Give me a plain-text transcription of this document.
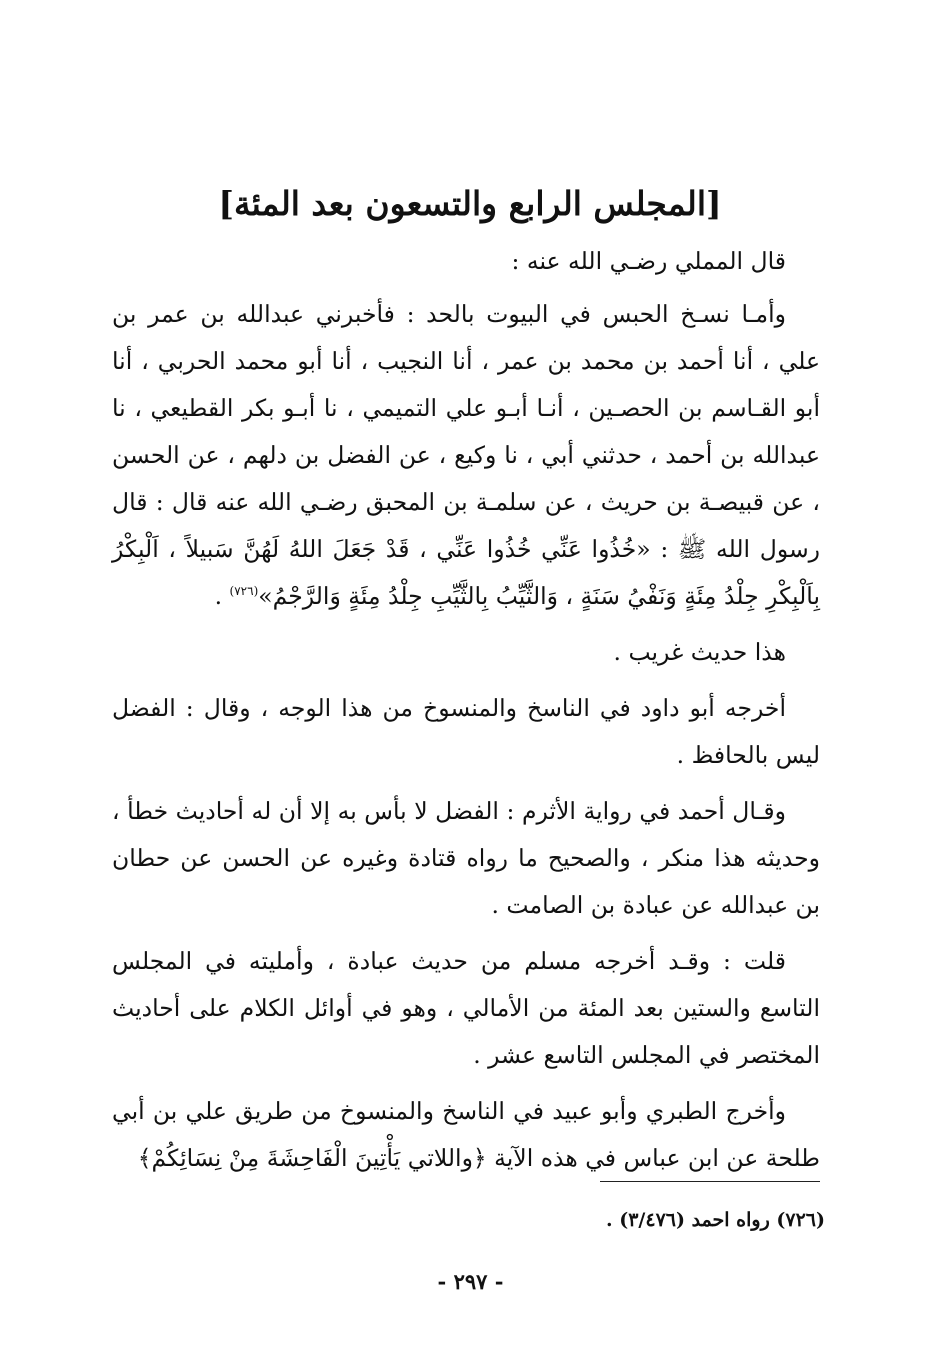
[المجلس الرابع والتسعون بعد المئة]

قال المملي رضـي الله عنه :

وأمـا نسـخ الحبس في البيوت بالحد : فأخبرني عبدالله بن عمر بن علي ، أنا أحمد بن محمد بن عمر ، أنا النجيب ، أنا أبو محمد الحربي ، أنا أبو القـاسم بن الحصـين ، أنـا أبـو علي التميمي ، نا أبـو بكر القطيعي ، نا عبدالله بن أحمد ، حدثني أبي ، نا وكيع ، عن الفضل بن دلهم ، عن الحسن ، عن قبيصـة بن حريث ، عن سلمـة بن المحبق رضـي الله عنه قال : قال رسول الله ﷺ : «خُذُوا عَنِّي خُذُوا عَنِّي ، قَدْ جَعَلَ اللهُ لَهُنَّ سَبيلاً ، اَلْبِكْرُ بِاَلْبِكْرِ جِلْدُ مِئَةٍ وَنَفْيُ سَنَةٍ ، وَالثَّيِّبُ بِالثَّيِّبِ جِلْدُ مِئَةٍ وَالرَّجْمُ»$^{(٧٢٦)}$ .

هذا حديث غريب .

أخرجه أبو داود في الناسخ والمنسوخ من هذا الوجه ، وقال : الفضل ليس بالحافظ .

وقـال أحمد في رواية الأثرم : الفضل لا بأس به إلا أن له أحاديث خطأ ، وحديثه هذا منكر ، والصحيح ما رواه قتادة وغيره عن الحسن عن حطان بن عبدالله عن عبادة بن الصامت .

قلت : وقـد أخرجه مسلم من حديث عبادة ، وأمليته في المجلس التاسع والستين بعد المئة من الأمالي ، وهو في أوائل الكلام على أحاديث المختصر في المجلس التاسع عشر .

وأخرج الطبري وأبو عبيد في الناسخ والمنسوخ من طريق علي بن أبي طلحة عن ابن عباس في هذه الآية ﴿واللاتي يَأْتِينَ الْفَاحِشَةَ مِنْ نِسَائِكُمْ﴾

(٧٢٦) رواه احمد (٣/٤٧٦) .
- ٢٩٧ -
